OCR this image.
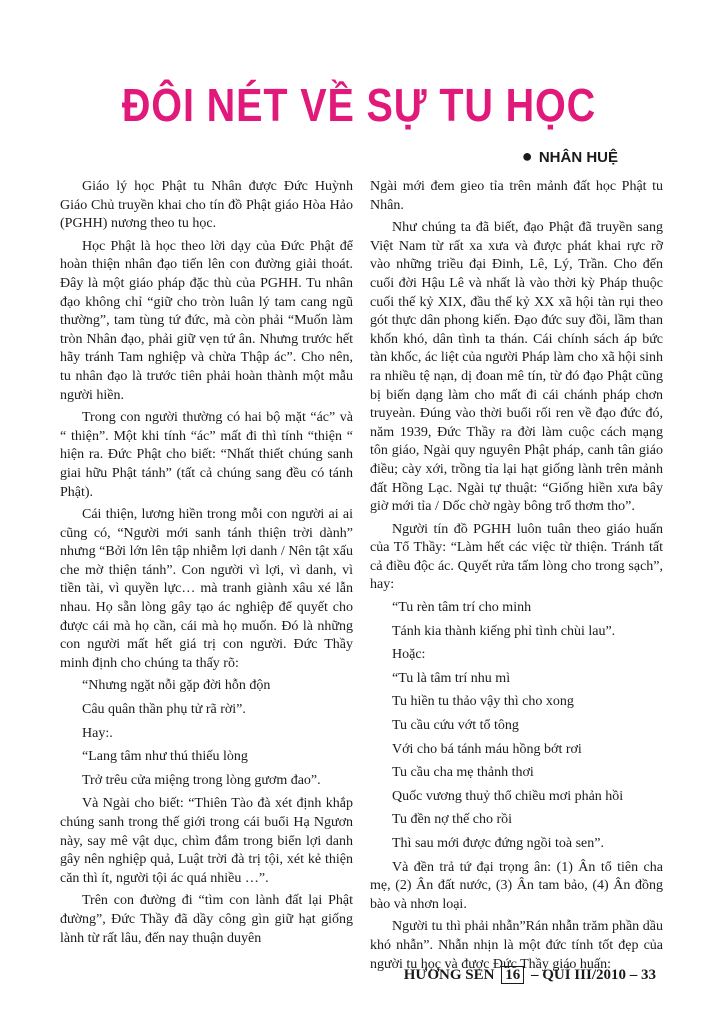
ĐÔI NÉT VỀ SỰ TU HỌC
● NHÂN HUỆ

Giáo lý học Phật tu Nhân được Đức Huỳnh Giáo Chủ truyền khai cho tín đồ Phật giáo Hòa Hảo (PGHH) nương theo tu học.

Học Phật là học theo lời dạy của Đức Phật để hoàn thiện nhân đạo tiến lên con đường giải thoát. Đây là một giáo pháp đặc thù của PGHH. Tu nhân đạo không chỉ “giữ cho tròn luân lý tam cang ngũ thường”, tam tùng tứ đức, mà còn phải “Muốn làm tròn Nhân đạo, phải giữ vẹn tứ ân. Nhưng trước hết hãy tránh Tam nghiệp và chừa Thập ác”. Cho nên, tu nhân đạo là trước tiên phải hoàn thành một mẫu người hiền.

Trong con người thường có hai bộ mặt “ác” và “ thiện”. Một khi tính “ác” mất đi thì tính “thiện “ hiện ra. Đức Phật cho biết: “Nhất thiết chúng sanh giai hữu Phật tánh” (tất cả chúng sang đều có tánh Phật).

Cái thiện, lương hiền trong mỗi con người ai ai cũng có, “Người mới sanh tánh thiện trời dành” nhưng “Bởi lớn lên tập nhiễm lợi danh / Nên tật xấu che mờ thiện tánh”. Con người vì lợi, vì danh, vì tiền tài, vì quyền lực… mà tranh giành xâu xé lẫn nhau. Họ sẵn lòng gây tạo ác nghiệp để quyết cho được cái mà họ cần, cái mà họ muốn. Đó là những con người mất hết giá trị con người. Đức Thầy minh định cho chúng ta thấy rõ:

“Nhưng ngặt nỗi gặp đời hỗn độn

Câu quân thần phụ tử rã rời”.

Hay:.

“Lang tâm như thú thiếu lòng

Trở trêu cửa miệng trong lòng gươm đao”.

Và Ngài cho biết: “Thiên Tào đà xét định khắp chúng sanh trong thế giới trong cái buổi Hạ Ngươn này, say mê vật dục, chìm đắm trong biển lợi danh gây nên nghiệp quả, Luật trời đà trị tội, xét kẻ thiện căn thì ít, người tội ác quá nhiều …”.

Trên con đường đi “tìm con lành đất lại Phật đường”, Đức Thầy đã dầy công gìn giữ hạt giống lành từ rất lâu, đến nay thuận duyên

Ngài mới đem gieo tỉa trên mảnh đất học Phật tu Nhân.

Như chúng ta đã biết, đạo Phật đã truyền sang Việt Nam từ rất xa xưa và được phát khai rực rỡ vào những triều đại Đinh, Lê, Lý, Trần. Cho đến cuối đời Hậu Lê và nhất là vào thời kỳ Pháp thuộc cuối thế kỷ XIX, đầu thế kỷ XX xã hội tàn rụi theo gót thực dân phong kiến. Đạo đức suy đồi, lầm than khốn khó, dân tình ta thán. Cái chính sách áp bức tàn khốc, ác liệt của người Pháp làm cho xã hội sinh ra nhiều tệ nạn, dị đoan mê tín, từ đó đạo Phật cũng bị biến dạng làm cho mất đi cái chánh pháp chơn truyeàn. Đúng vào thời buổi rối ren về đạo đức đó, năm 1939, Đức Thầy ra đời làm cuộc cách mạng tôn giáo, Ngài quy nguyên Phật pháp, canh tân giáo điều; cày xới, trồng tỉa lại hạt giống lành trên mảnh đất Hồng Lạc. Ngài tự thuật: “Giống hiền xưa bây giờ mới tỉa / Dốc chờ ngày bông trổ thơm tho”.

Người tín đồ PGHH luôn tuân theo giáo huấn của Tổ Thầy: “Làm hết các việc từ thiện. Tránh tất cả điều độc ác. Quyết rửa tấm lòng cho trong sạch”, hay:

“Tu rèn tâm trí cho minh

Tánh kia thành kiếng phỉ tình chùi lau”.

Hoặc:

“Tu là tâm trí nhu mì

Tu hiền tu thảo vậy thì cho xong

Tu cầu cứu vớt tổ tông

Với cho bá tánh máu hồng bớt rơi

Tu cầu cha mẹ thảnh thơi

Quốc vương thuỷ thổ chiều mơi phản hồi

Tu đền nợ thế cho rồi

Thì sau mới được đứng ngồi toà sen”.

Và đền trả tứ đại trọng ân: (1) Ân tổ tiên cha mẹ, (2) Ân đất nước, (3) Ân tam bảo, (4) Ân đồng bào và nhơn loại.

Người tu thì phải nhẫn”Rán nhẫn trăm phần dầu khó nhẫn”. Nhẫn nhịn là một đức tính tốt đẹp của người tu học và được Đức Thầy giáo huấn:

HƯƠNG SEN 16 – QUÍ III/2010 – 33
